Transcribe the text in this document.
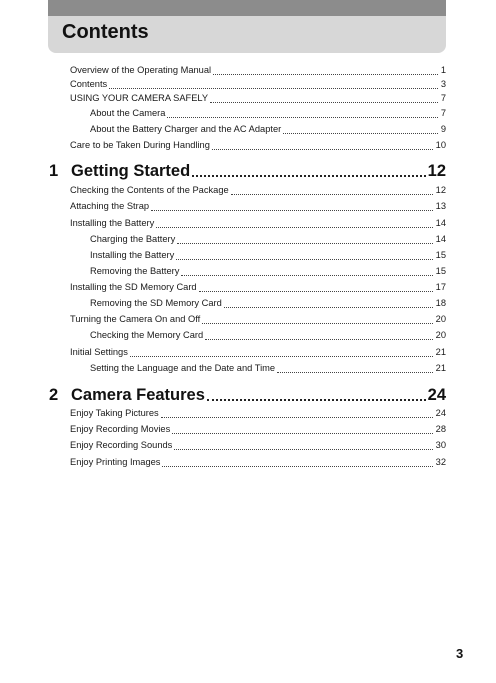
Contents
Overview of the Operating Manual	1
Contents	3
USING YOUR CAMERA SAFELY	7
About the Camera	7
About the Battery Charger and the AC Adapter	9
Care to be Taken During Handling	10
1 Getting Started	12
Checking the Contents of the Package	12
Attaching the Strap	13
Installing the Battery	14
Charging the Battery	14
Installing the Battery	15
Removing the Battery	15
Installing the SD Memory Card	17
Removing the SD Memory Card	18
Turning the Camera On and Off	20
Checking the Memory Card	20
Initial Settings	21
Setting the Language and the Date and Time	21
2 Camera Features	24
Enjoy Taking Pictures	24
Enjoy Recording Movies	28
Enjoy Recording Sounds	30
Enjoy Printing Images	32
3
